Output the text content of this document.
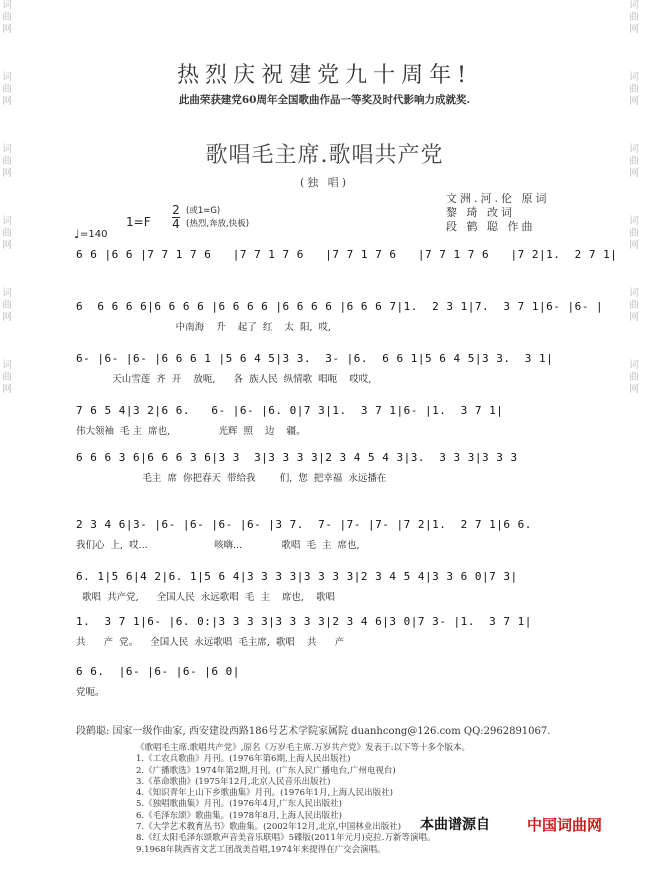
词
曲
网
词
曲
网
词
曲
网
词
曲
网
词
曲
网
词
曲
网
词
曲
网
词
曲
网
词
曲
网
词
曲
网
词
曲
网
词
曲
网
热烈庆祝建党九十周年!
此曲荣获建党60周年全国歌曲作品一等奖及时代影响力成就奖.
歌唱毛主席.歌唱共产党
(独 唱)
文洲.河.伦 原词
黎 琦 改词
段 鹤 聪 作曲
1=F
2
4
(或1=G)
(热烈,奔放,快板)
♩ =140
6 6 |6 6 |7 7 1 7 6   |7 7 1 7 6   |7 7 1 7 6   |7 7 1 7 6   |7 2|1.  2 7 1|
6  6 6 6 6|6 6 6 6 |6 6 6 6 |6 6 6 6 |6 6 6 7|1.  2 3 1|7.  3 7 1|6- |6- |
中南海    升    起了  红    太  阳,  哎,
6- |6- |6- |6 6 6 1 |5 6 4 5|3 3.  3- |6.  6 6 1|5 6 4 5|3 3.  3 1|
天山雪莲  齐  开    放呃,      各  族人民  纵情歌  唱呃    哎哎,
7 6 5 4|3 2|6 6.   6- |6- |6. 0|7 3|1.  3 7 1|6- |1.  3 7 1|
伟大领袖  毛 主  席也,                光辉  照    边    疆。
6 6 6 3 6|6 6 6 3 6|3 3  3|3 3 3 3|2 3 4 5 4 3|3.  3 3 3|3 3 3
毛主  席  你把春天  带给我        们,  您  把幸福  永远播在
2 3 4 6|3- |6- |6- |6- |6- |3 7.  7- |7- |7- |7 2|1.  2 7 1|6 6.
我们心  上,  哎...                      咳嗨...             歌唱  毛  主  席也,
6. 1|5 6|4 2|6. 1|5 6 4|3 3 3 3|3 3 3 3|2 3 4 5 4|3 3 6 0|7 3|
歌唱  共产党,      全国人民  永远歌唱  毛  主    席也,    歌唱
1.  3 7 1|6- |6. 0:|3 3 3 3|3 3 3 3|2 3 4 6|3 0|7 3- |1.  3 7 1|
共      产  党。    全国人民  永远歌唱  毛主席,  歌唱    共      产
6 6.  |6- |6- |6- |6 0|
党呃。
段鹤聪: 国家一级作曲家, 西安建设西路186号艺术学院家属院 duanhcong@126.com QQ:2962891067.
《歌唱毛主席.歌唱共产党》,原名《万岁毛主席.万岁共产党》发表于:以下等十多个版本。
1.《工农兵歌曲》月刊。(1976年第6期,上海人民出版社)
2.《广播歌选》1974年第2期,月刊。(广东人民广播电台,广州电视台)
3.《革命歌曲》(1975年12月,北京人民音乐出版社)
4.《知识青年上山下乡歌曲集》月刊。(1976年1月,上海人民出版社)
5.《独唱歌曲集》月刊。(1976年4月,广东人民出版社)
6.《毛泽东颂》歌曲集。(1978年8月,上海人民出版社)
7.《大学艺术教育丛书》歌曲集。(2002年12月,北京,中国林业出版社)
8.《红太阳毛泽东颂歌声音美音乐联唱》5碟版(2011年元月)克拉.万新等演唱。
9.1968年陕西省文艺工团战美首唱,1974年来提得在广交会演唱。
本曲谱源自 中国词曲网
